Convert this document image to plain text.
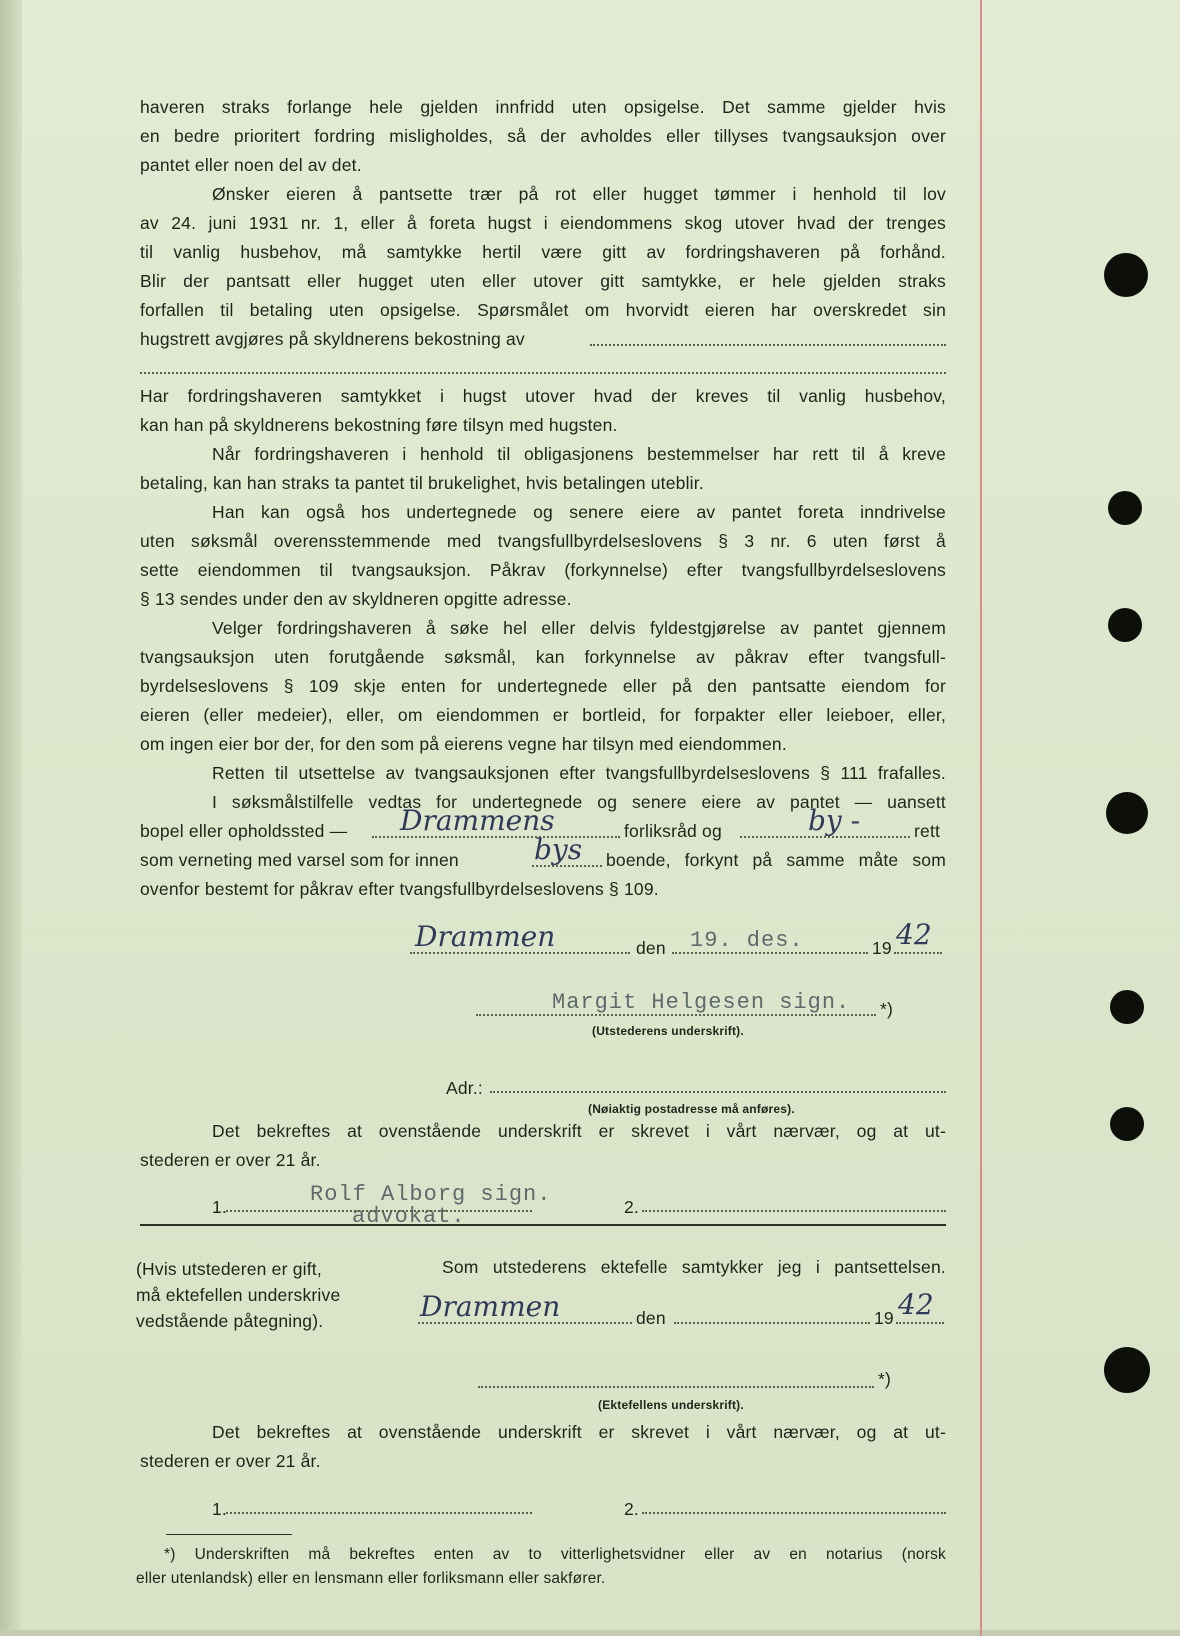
haveren straks forlange hele gjelden innfridd uten opsigelse. Det samme gjelder hvis
en bedre prioritert fordring misligholdes, så der avholdes eller tillyses tvangsauksjon over
pantet eller noen del av det.
Ønsker eieren å pantsette trær på rot eller hugget tømmer i henhold til lov
av 24. juni 1931 nr. 1, eller å foreta hugst i eiendommens skog utover hvad der trenges
til vanlig husbehov, må samtykke hertil være gitt av fordringshaveren på forhånd.
Blir der pantsatt eller hugget uten eller utover gitt samtykke, er hele gjelden straks
forfallen til betaling uten opsigelse. Spørsmålet om hvorvidt eieren har overskredet sin
hugstrett avgjøres på skyldnerens bekostning av
Har fordringshaveren samtykket i hugst utover hvad der kreves til vanlig husbehov,
kan han på skyldnerens bekostning føre tilsyn med hugsten.
Når fordringshaveren i henhold til obligasjonens bestemmelser har rett til å kreve
betaling, kan han straks ta pantet til brukelighet, hvis betalingen uteblir.
Han kan også hos undertegnede og senere eiere av pantet foreta inndrivelse
uten søksmål overensstemmende med tvangsfullbyrdelseslovens § 3 nr. 6 uten først å
sette eiendommen til tvangsauksjon. Påkrav (forkynnelse) efter tvangsfullbyrdelseslovens
§ 13 sendes under den av skyldneren opgitte adresse.
Velger fordringshaveren å søke hel eller delvis fyldestgjørelse av pantet gjennem
tvangsauksjon uten forutgående søksmål, kan forkynnelse av påkrav efter tvangsfull-
byrdelseslovens § 109 skje enten for undertegnede eller på den pantsatte eiendom for
eieren (eller medeier), eller, om eiendommen er bortleid, for forpakter eller leieboer, eller,
om ingen eier bor der, for den som på eierens vegne har tilsyn med eiendommen.
Retten til utsettelse av tvangsauksjonen efter tvangsfullbyrdelseslovens § 111 frafalles.
I søksmålstilfelle vedtas for undertegnede og senere eiere av pantet — uansett
bopel eller opholdssted — Drammens	forliksråd og	by -	rett
som verneting med varsel som for innen	bys boende, forkynt på samme måte som
ovenfor bestemt for påkrav efter tvangsfullbyrdelseslovens § 109.
Drammen	den 19. des.	19 42
Margit Helgesen sign. *)
(Utstederens underskrift).
Adr.:
(Nøiaktig postadresse må anføres).
Det bekreftes at ovenstående underskrift er skrevet i vårt nærvær, og at ut-
stederen er over 21 år.
1.	Rolf Alborg sign.
advokat.	2.
(Hvis utstederen er gift,
må ektefellen underskrive
vedstående påtegning).
Som utstederens ektefelle samtykker jeg i pantsettelsen.
Drammen	den	19 42
*)
(Ektefellens underskrift).
Det bekreftes at ovenstående underskrift er skrevet i vårt nærvær, og at ut-
stederen er over 21 år.
1.	2.
*) Underskriften må bekreftes enten av to vitterlighetsvidner eller av en notarius (norsk
eller utenlandsk) eller en lensmann eller forliksmann eller sakfører.
